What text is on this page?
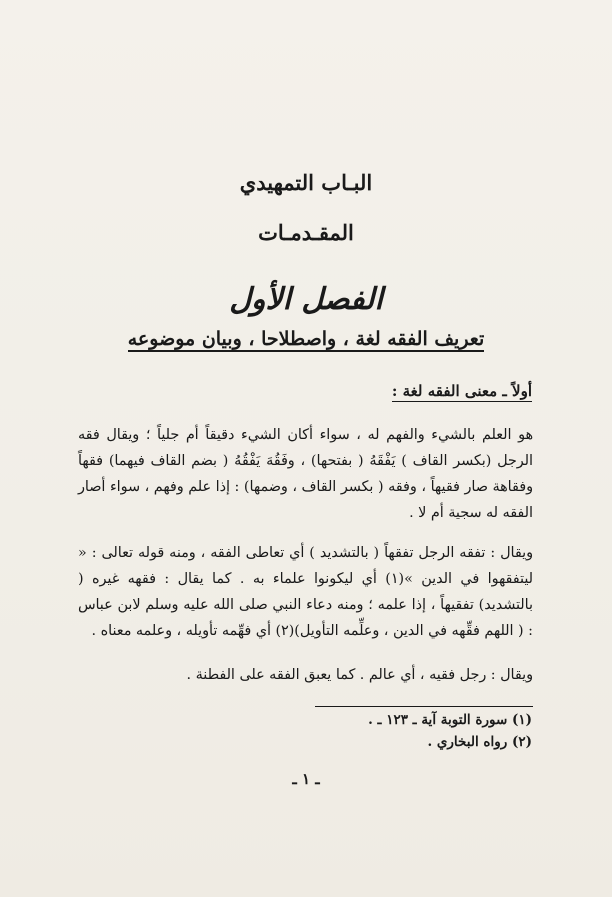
البـاب التمهيدي
المقـدمـات
الفصل الأول
تعريف الفقه لغة ، واصطلاحا ، وبيان موضوعه
أولاً ـ معنى الفقه لغة :
هو العلم بالشيء والفهم له ، سواء أكان الشيء دقيقاً أم جلياً ؛ ويقال فقه الرجل (بكسر القاف ) يَفْقَهُ ( بفتحها) ، وفَقُهَ يَفْقُهُ ( بضم القاف فيهما) فقهاً وفقاهة صار فقيهاً ، وفقه ( بكسر القاف ، وضمها) : إذا علم وفهم ، سواء أصار الفقه له سجية أم لا .
ويقال : تفقه الرجل تفقهاً ( بالتشديد ) أي تعاطى الفقه ، ومنه قوله تعالى : « ليتفقهوا في الدين »(١) أي ليكونوا علماء به . كما يقال : فقهه غيره ( بالتشديد) تفقيهاً ، إذا علمه ؛ ومنه دعاء النبي صلى الله عليه وسلم لابن عباس : ( اللهم فقِّهه في الدين ، وعلِّمه التأويل)(٢) أي فهِّمه تأويله ، وعلمه معناه .
ويقال : رجل فقيه ، أي عالم . كما يعبق الفقه على الفطنة .
(١) سورة التوبة آية ـ ١٢٣ ـ .
(٢) رواه البخاري .
ـ ١ ـ
